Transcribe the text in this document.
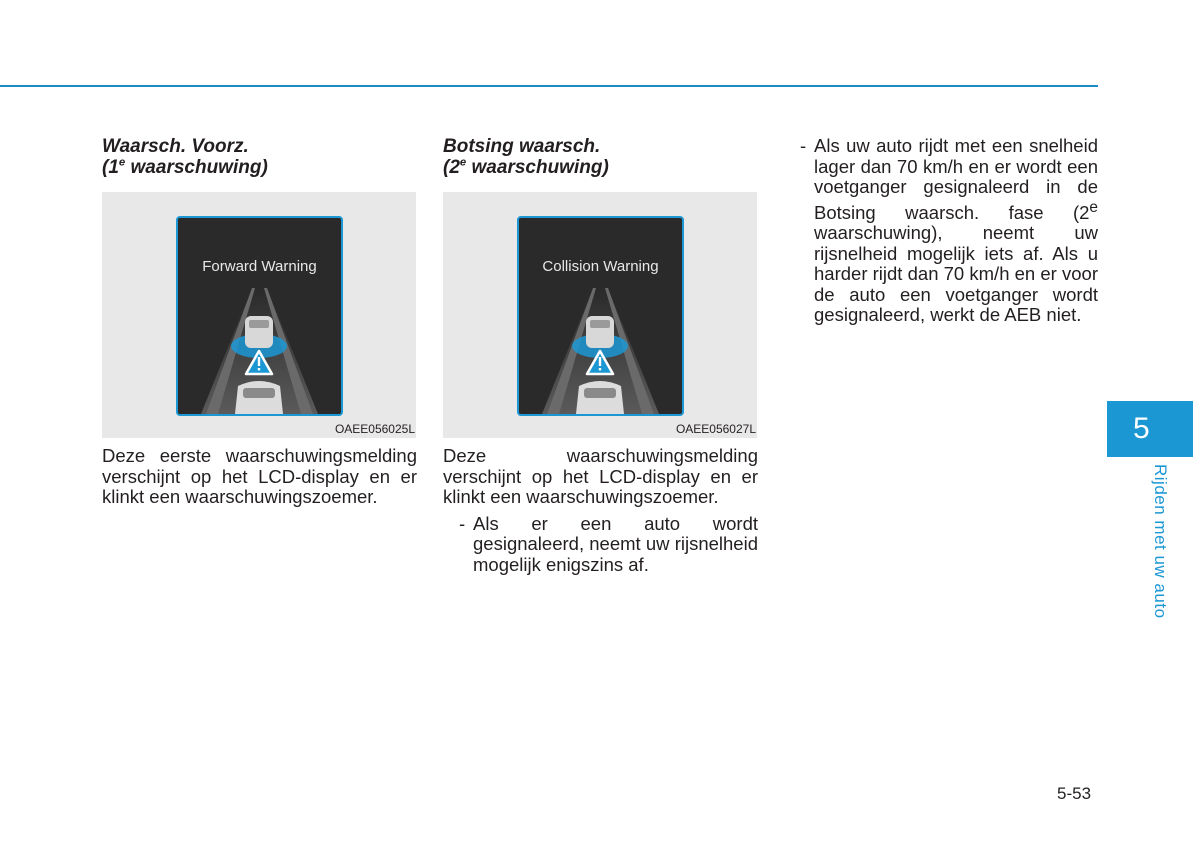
Waarsch. Voorz.
(1e waarschuwing)
Forward Warning
OAEE056025L

Deze eerste waarschuwingsmelding verschijnt op het LCD-display en er klinkt een waarschuwingszoemer.

Botsing waarsch.
(2e waarschuwing)
Collision Warning
OAEE056027L

Deze waarschuwingsmelding verschijnt op het LCD-display en er klinkt een waarschuwingszoemer.

- Als er een auto wordt gesignaleerd, neemt uw rijsnelheid mogelijk enigszins af.
- Als uw auto rijdt met een snelheid lager dan 70 km/h en er wordt een voetganger gesignaleerd in de Botsing waarsch. fase (2e waarschuwing), neemt uw rijsnelheid mogelijk iets af. Als u harder rijdt dan 70 km/h en er voor de auto een voetganger wordt gesignaleerd, werkt de AEB niet.
5
Rijden met uw auto
5-53
